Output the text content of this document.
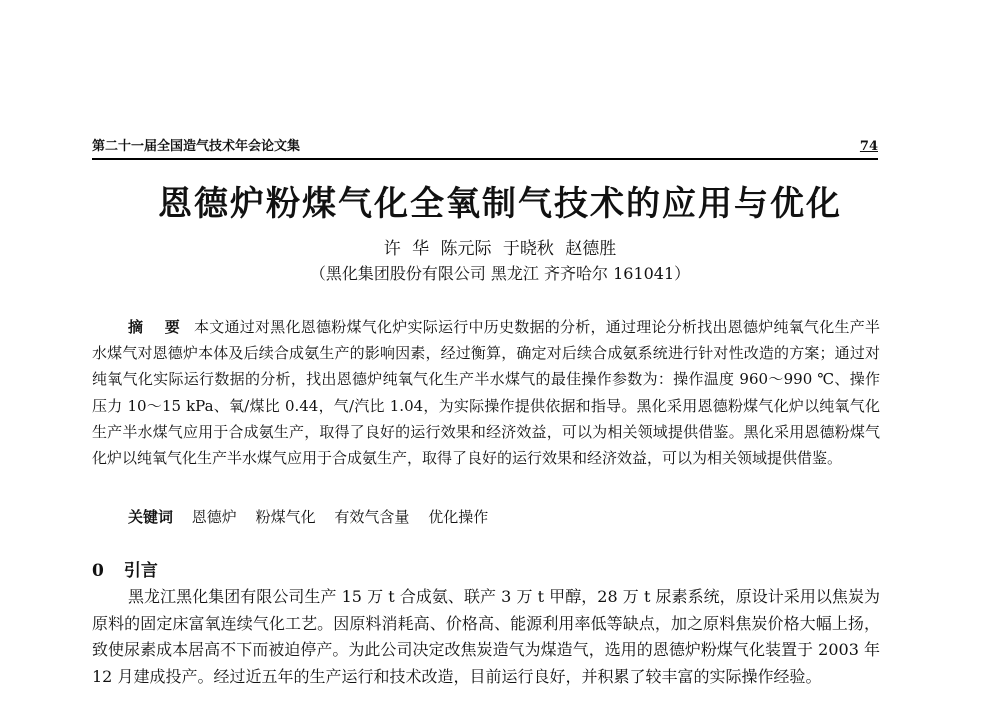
第二十一届全国造气技术年会论文集	74
恩德炉粉煤气化全氧制气技术的应用与优化
许 华 陈元际 于晓秋 赵德胜
（黑化集团股份有限公司 黑龙江 齐齐哈尔 161041）
摘 要 本文通过对黑化恩德粉煤气化炉实际运行中历史数据的分析，通过理论分析找出恩德炉纯氧气化生产半水煤气对恩德炉本体及后续合成氨生产的影响因素，经过衡算，确定对后续合成氨系统进行针对性改造的方案；通过对纯氧气化实际运行数据的分析，找出恩德炉纯氧气化生产半水煤气的最佳操作参数为：操作温度 960～990 ℃、操作压力 10～15 kPa、氧/煤比 0.44，气/汽比 1.04，为实际操作提供依据和指导。黑化采用恩德粉煤气化炉以纯氧气化生产半水煤气应用于合成氨生产，取得了良好的运行效果和经济效益，可以为相关领域提供借鉴。黑化采用恩德粉煤气化炉以纯氧气化生产半水煤气应用于合成氨生产，取得了良好的运行效果和经济效益，可以为相关领域提供借鉴。
关键词 恩德炉 粉煤气化 有效气含量 优化操作
0 引言
黑龙江黑化集团有限公司生产 15 万 t 合成氨、联产 3 万 t 甲醇，28 万 t 尿素系统，原设计采用以焦炭为原料的固定床富氧连续气化工艺。因原料消耗高、价格高、能源利用率低等缺点，加之原料焦炭价格大幅上扬，致使尿素成本居高不下而被迫停产。为此公司决定改焦炭造气为煤造气，选用的恩德炉粉煤气化装置于 2003 年 12 月建成投产。经过近五年的生产运行和技术改造，目前运行良好，并积累了较丰富的实际操作经验。
